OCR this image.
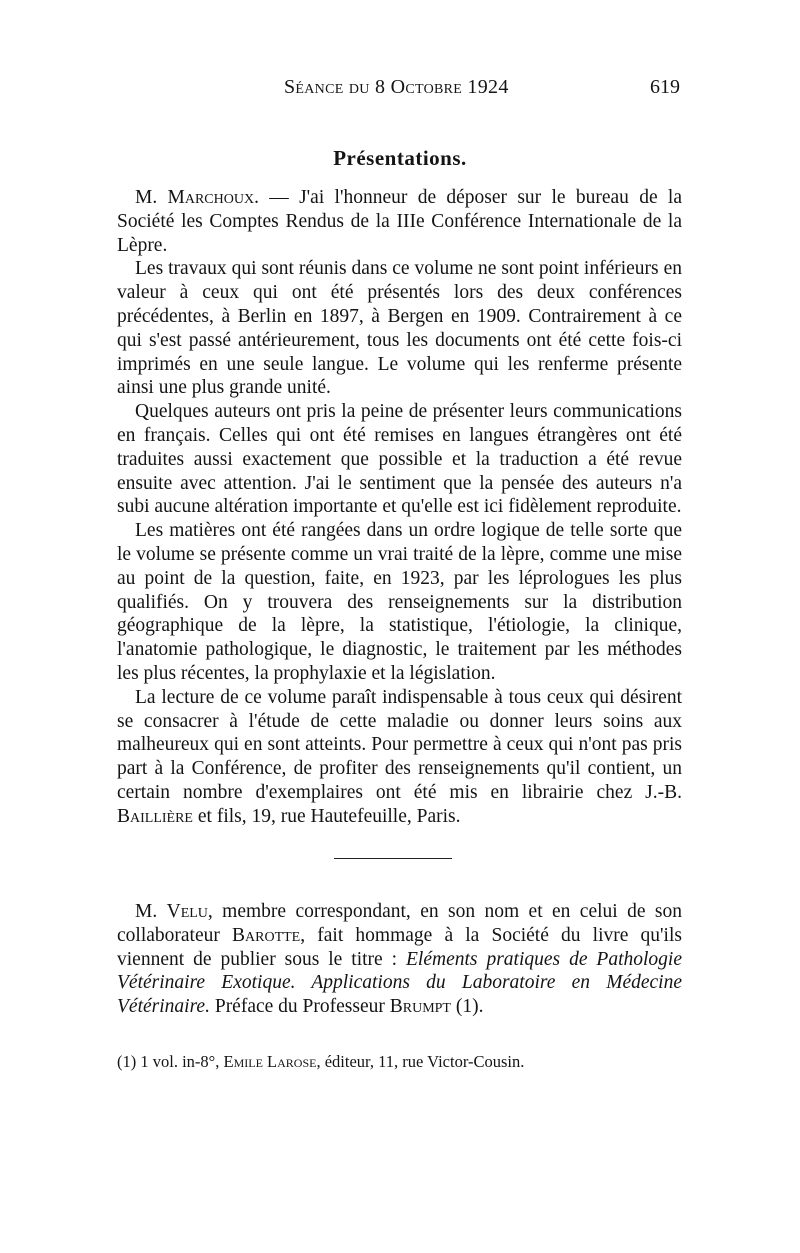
Séance du 8 Octobre 1924	619
Présentations.

M. Marchoux. — J'ai l'honneur de déposer sur le bureau de la Société les Comptes Rendus de la IIIe Conférence Internationale de la Lèpre.

Les travaux qui sont réunis dans ce volume ne sont point inférieurs en valeur à ceux qui ont été présentés lors des deux conférences précédentes, à Berlin en 1897, à Bergen en 1909. Contrairement à ce qui s'est passé antérieurement, tous les documents ont été cette fois-ci imprimés en une seule langue. Le volume qui les renferme présente ainsi une plus grande unité.

Quelques auteurs ont pris la peine de présenter leurs communications en français. Celles qui ont été remises en langues étrangères ont été traduites aussi exactement que possible et la traduction a été revue ensuite avec attention. J'ai le sentiment que la pensée des auteurs n'a subi aucune altération importante et qu'elle est ici fidèlement reproduite.

Les matières ont été rangées dans un ordre logique de telle sorte que le volume se présente comme un vrai traité de la lèpre, comme une mise au point de la question, faite, en 1923, par les léprologues les plus qualifiés. On y trouvera des renseignements sur la distribution géographique de la lèpre, la statistique, l'étiologie, la clinique, l'anatomie pathologique, le diagnostic, le traitement par les méthodes les plus récentes, la prophylaxie et la législation.

La lecture de ce volume paraît indispensable à tous ceux qui désirent se consacrer à l'étude de cette maladie ou donner leurs soins aux malheureux qui en sont atteints. Pour permettre à ceux qui n'ont pas pris part à la Conférence, de profiter des renseignements qu'il contient, un certain nombre d'exemplaires ont été mis en librairie chez J.-B. Baillière et fils, 19, rue Hautefeuille, Paris.

M. Velu, membre correspondant, en son nom et en celui de son collaborateur Barotte, fait hommage à la Société du livre qu'ils viennent de publier sous le titre : Eléments pratiques de Pathologie Vétérinaire Exotique. Applications du Laboratoire en Médecine Vétérinaire. Préface du Professeur Brumpt (1).

(1) 1 vol. in-8°, Emile Larose, éditeur, 11, rue Victor-Cousin.
